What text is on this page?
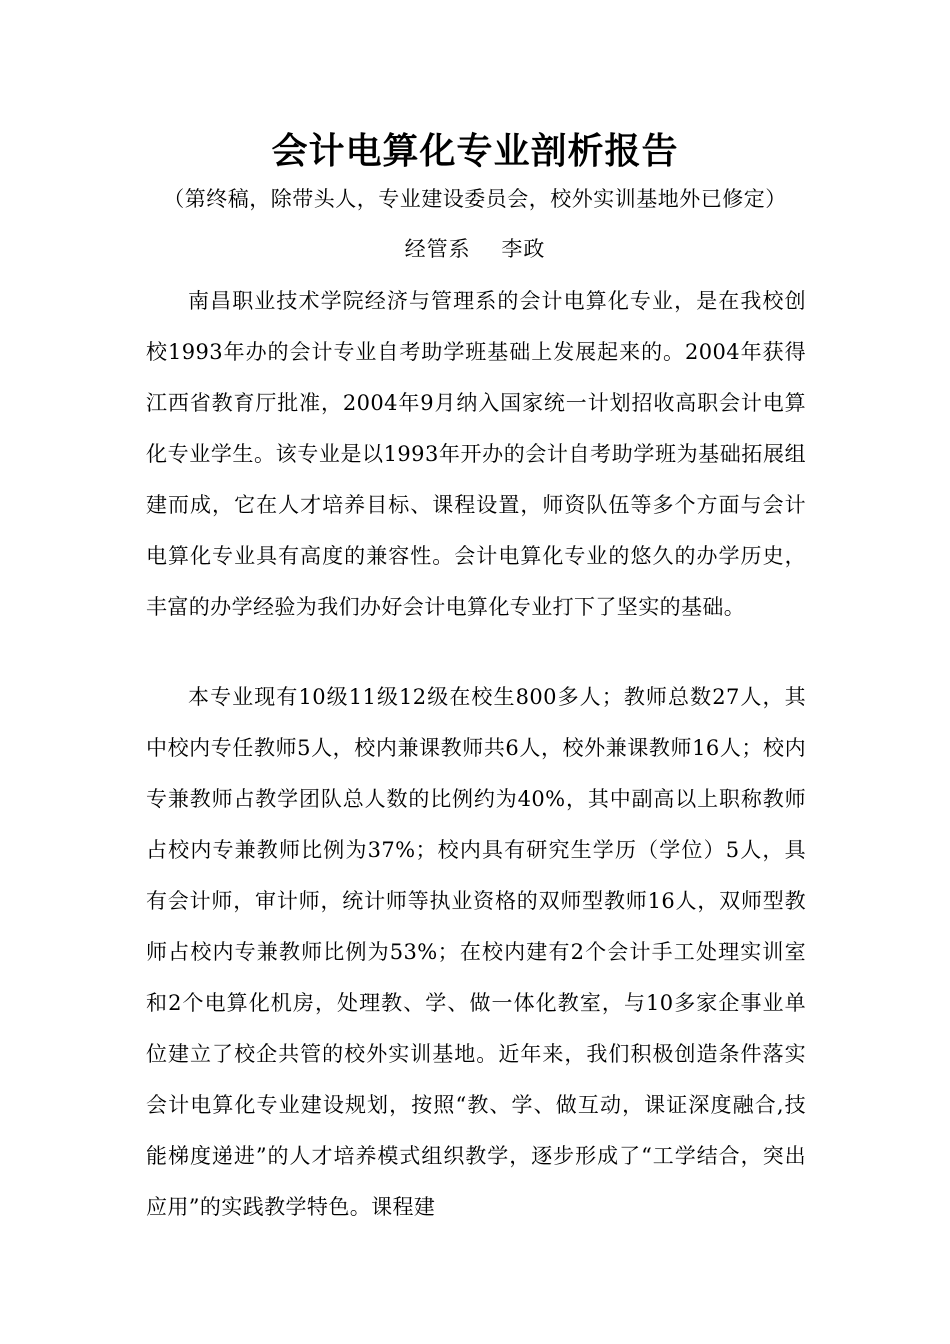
会计电算化专业剖析报告

（第终稿，除带头人，专业建设委员会，校外实训基地外已修定）

经管系    李政

南昌职业技术学院经济与管理系的会计电算化专业，是在我校创校1993年办的会计专业自考助学班基础上发展起来的。2004年获得江西省教育厅批准，2004年9月纳入国家统一计划招收高职会计电算化专业学生。该专业是以1993年开办的会计自考助学班为基础拓展组建而成，它在人才培养目标、课程设置，师资队伍等多个方面与会计电算化专业具有高度的兼容性。会计电算化专业的悠久的办学历史，丰富的办学经验为我们办好会计电算化专业打下了坚实的基础。

本专业现有10级11级12级在校生800多人；教师总数27人，其中校内专任教师5人，校内兼课教师共6人，校外兼课教师16人；校内专兼教师占教学团队总人数的比例约为40%，其中副高以上职称教师占校内专兼教师比例为37%；校内具有研究生学历（学位）5人，具有会计师，审计师，统计师等执业资格的双师型教师16人，双师型教师占校内专兼教师比例为53%；在校内建有2个会计手工处理实训室和2个电算化机房，处理教、学、做一体化教室，与10多家企事业单位建立了校企共管的校外实训基地。近年来，我们积极创造条件落实会计电算化专业建设规划，按照“教、学、做互动，课证深度融合,技能梯度递进”的人才培养模式组织教学，逐步形成了“工学结合，突出应用”的实践教学特色。课程建
